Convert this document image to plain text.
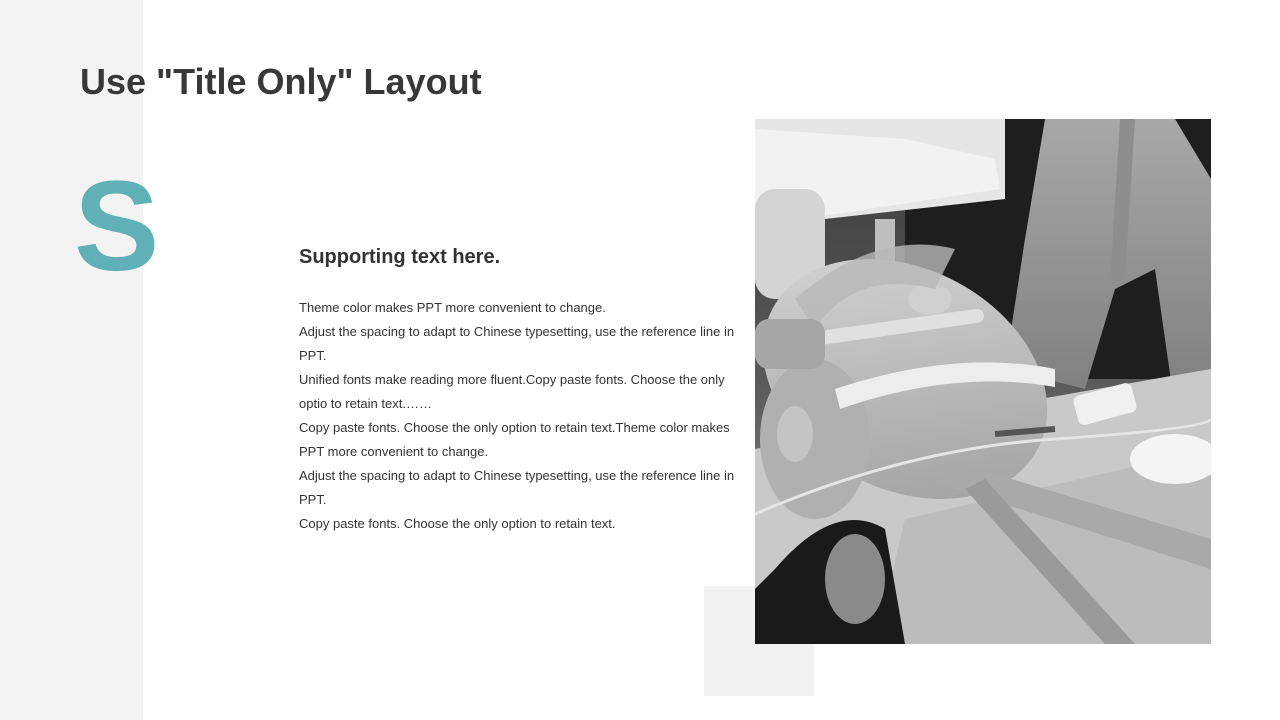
Use "Title Only" Layout
S	Supporting text here.

Theme color makes PPT more convenient to change.

Adjust the spacing to adapt to Chinese typesetting, use the reference line in PPT.

Unified fonts make reading more fluent.Copy paste fonts. Choose the only optio to retain text.……

Copy paste fonts. Choose the only option to retain text.Theme color makes PPT more convenient to change.

Adjust the spacing to adapt to Chinese typesetting, use the reference line in PPT.

Copy paste fonts. Choose the only option to retain text.
